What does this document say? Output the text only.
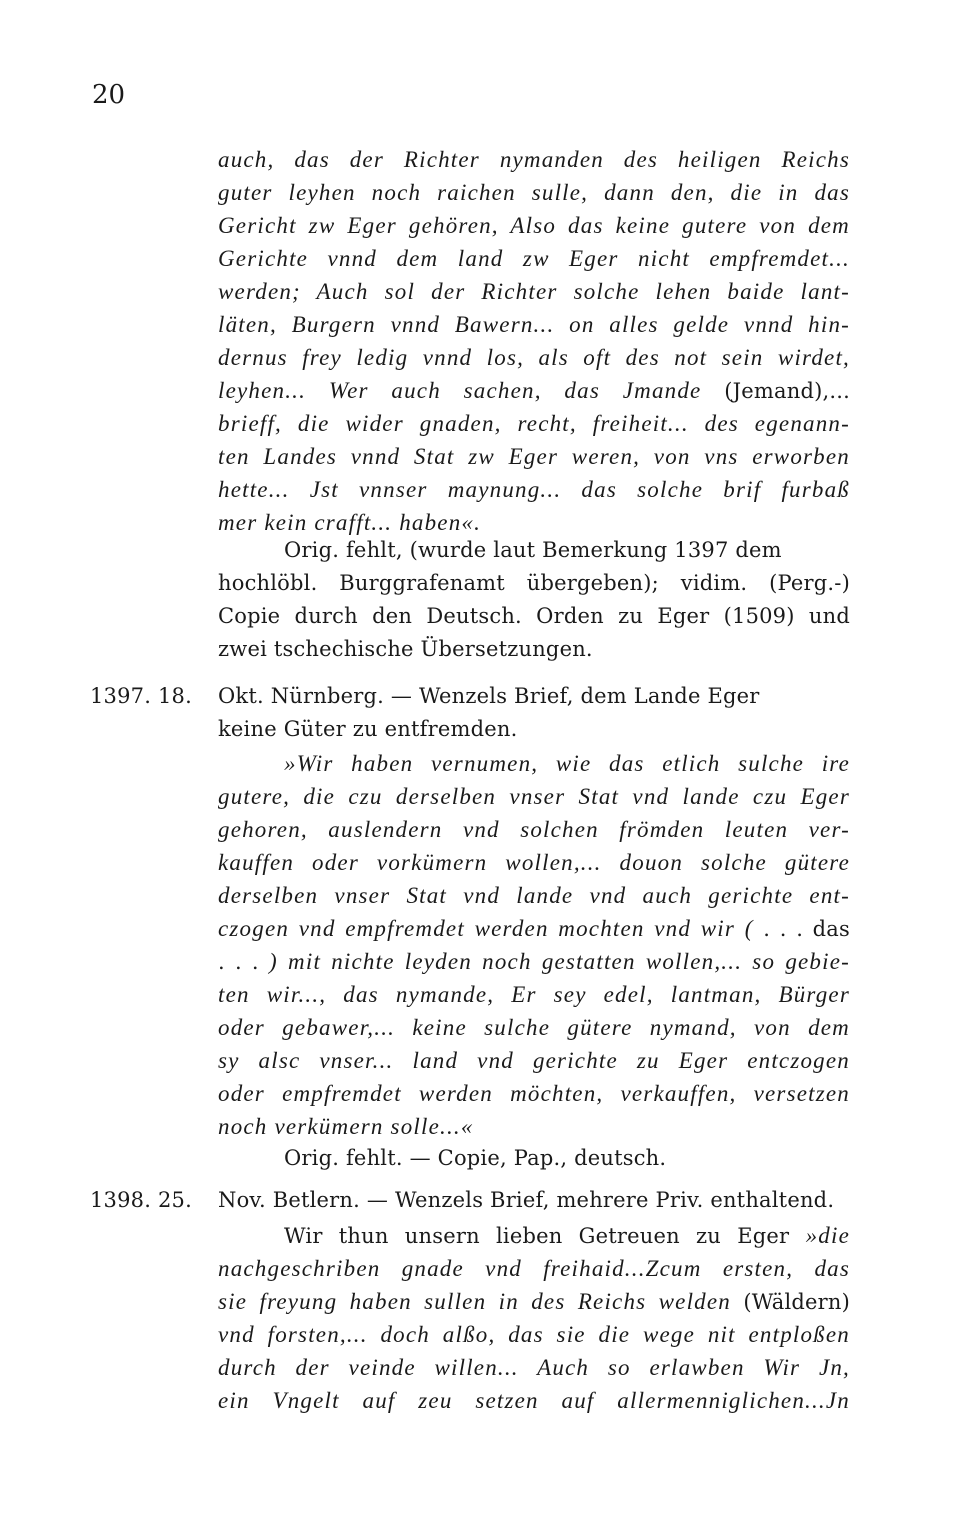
20
auch, das der Richter nymanden des heiligen Reichs
guter leyhen noch raichen sulle, dann den, die in das
Gericht zw Eger gehören, Also das keine gutere von dem
Gerichte vnnd dem land zw Eger nicht empfremdet...
werden; Auch sol der Richter solche lehen baide lant-
läten, Burgern vnnd Bawern... on alles gelde vnnd hin-
dernus frey ledig vnnd los, als oft des not sein wirdet,
leyhen... Wer auch sachen, das Jmande (Jemand),...
brieff, die wider gnaden, recht, freiheit... des egenann-
ten Landes vnnd Stat zw Eger weren, von vns erworben
hette... Jst vnnser maynung... das solche brif furbaß
mer kein crafft... haben«.
Orig. fehlt, (wurde laut Bemerkung 1397 dem
hochlöbl. Burggrafenamt übergeben); vidim. (Perg.-)
Copie durch den Deutsch. Orden zu Eger (1509) und
zwei tschechische Übersetzungen.
1397. 18. Okt. Nürnberg. — Wenzels Brief, dem Lande Eger
keine Güter zu entfremden.
»Wir haben vernumen, wie das etlich sulche ire
gutere, die czu derselben vnser Stat vnd lande czu Eger
gehoren, auslendern vnd solchen frömden leuten ver-
kauffen oder vorkümern wollen,... douon solche gütere
derselben vnser Stat vnd lande vnd auch gerichte ent-
czogen vnd empfremdet werden mochten vnd wir ( . . . das
. . . ) mit nichte leyden noch gestatten wollen,... so gebie-
ten wir..., das nymande, Er sey edel, lantman, Bürger
oder gebawer,... keine sulche gütere nymand, von dem
sy alsc vnser... land vnd gerichte zu Eger entczogen
oder empfremdet werden möchten, verkauffen, versetzen
noch verkümern solle...«
Orig. fehlt. — Copie, Pap., deutsch.
1398. 25. Nov. Betlern. — Wenzels Brief, mehrere Priv. enthaltend.
Wir thun unsern lieben Getreuen zu Eger »die
nachgeschriben gnade vnd freihaid...Zcum ersten, das
sie freyung haben sullen in des Reichs welden (Wäldern)
vnd forsten,... doch alßo, das sie die wege nit entploßen
durch der veinde willen... Auch so erlawben Wir Jn,
ein Vngelt auf zeu setzen auf allermenniglichen...Jn
